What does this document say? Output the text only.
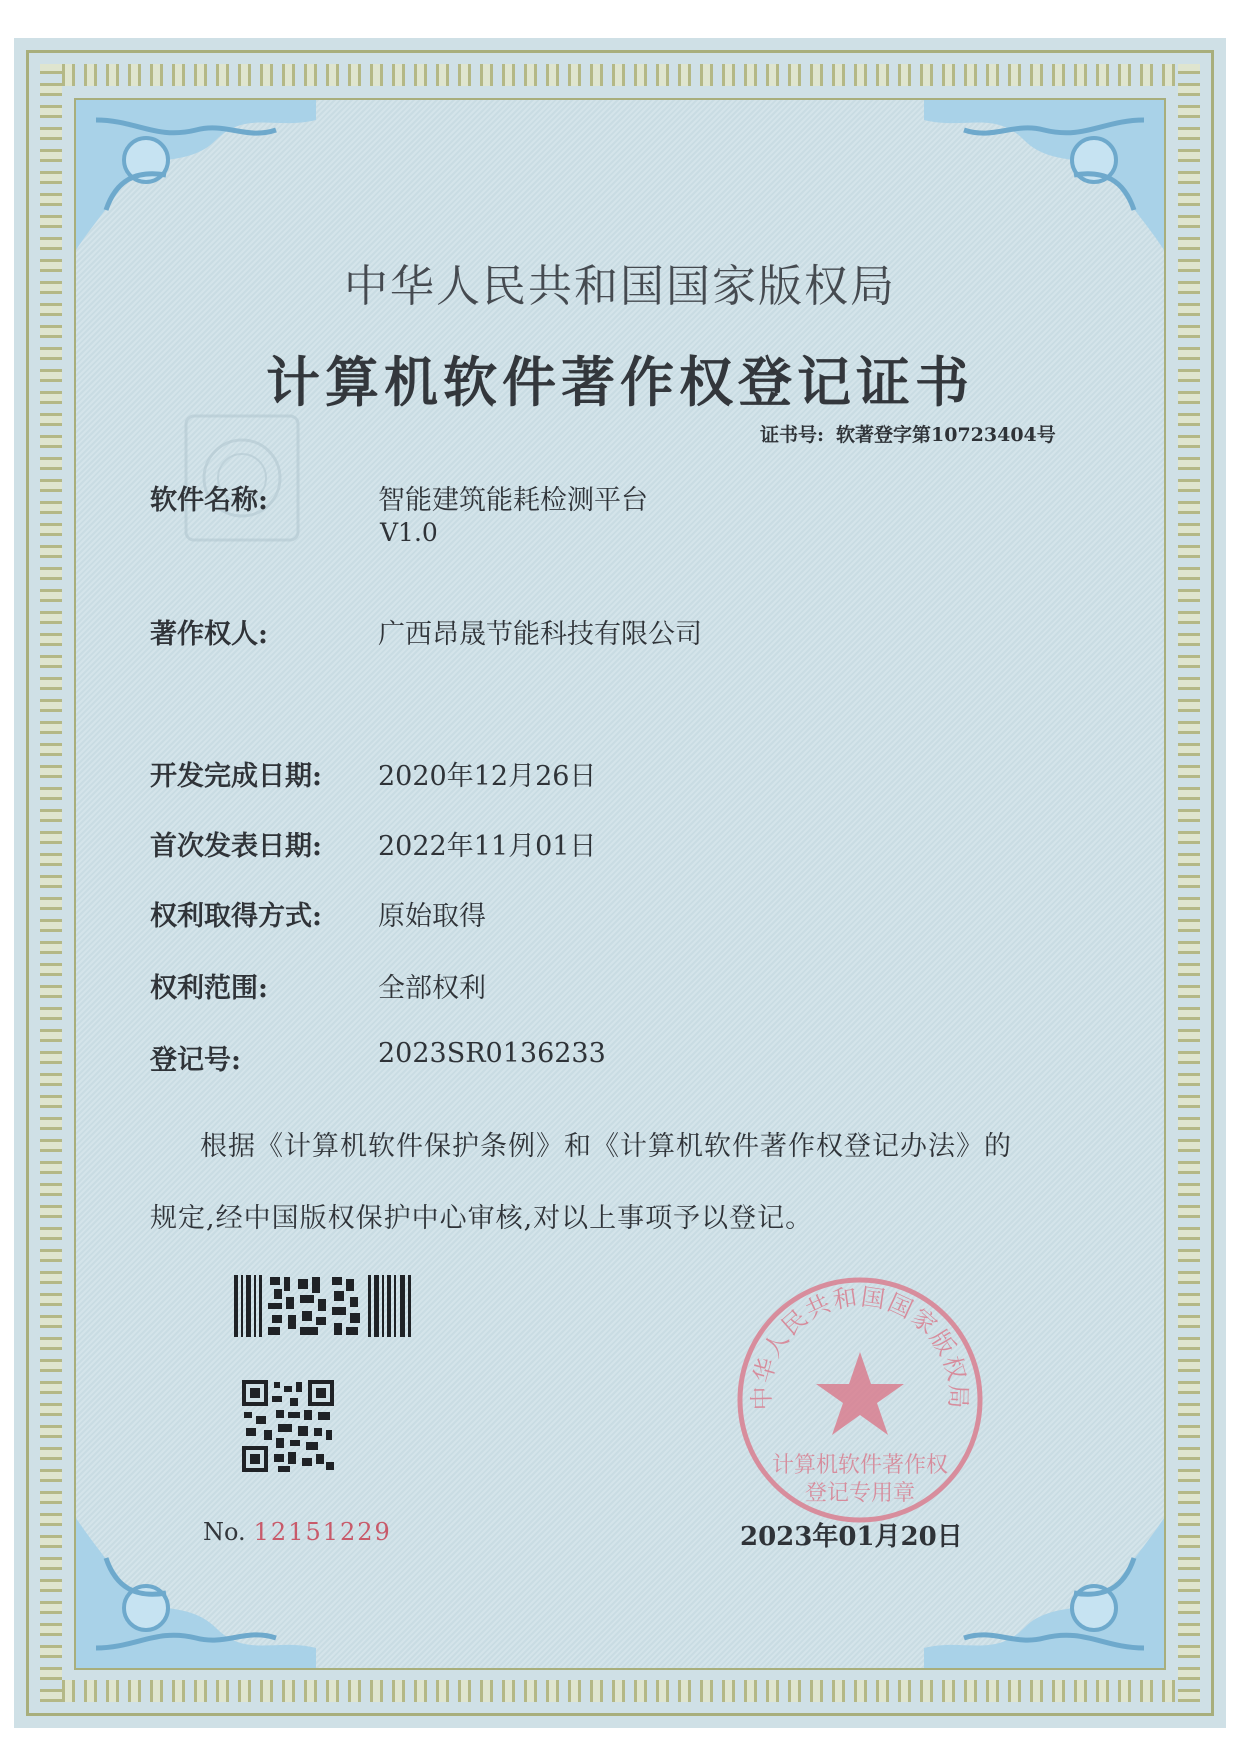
中华人民共和国国家版权局
计算机软件著作权登记证书
证书号: 软著登字第10723404号
软件名称:	智能建筑能耗检测平台
V1.0
著作权人:	广西昂晟节能科技有限公司
开发完成日期: 2020年12月26日
首次发表日期: 2022年11月01日
权利取得方式: 原始取得
权利范围:	全部权利
登记号:	2023SR0136233
根据《计算机软件保护条例》和《计算机软件著作权登记办法》的
规定,经中国版权保护中心审核,对以上事项予以登记。
No. 12151229
中华人民共和国国家版权局
计算机软件著作权
登记专用章
2023年01月20日
